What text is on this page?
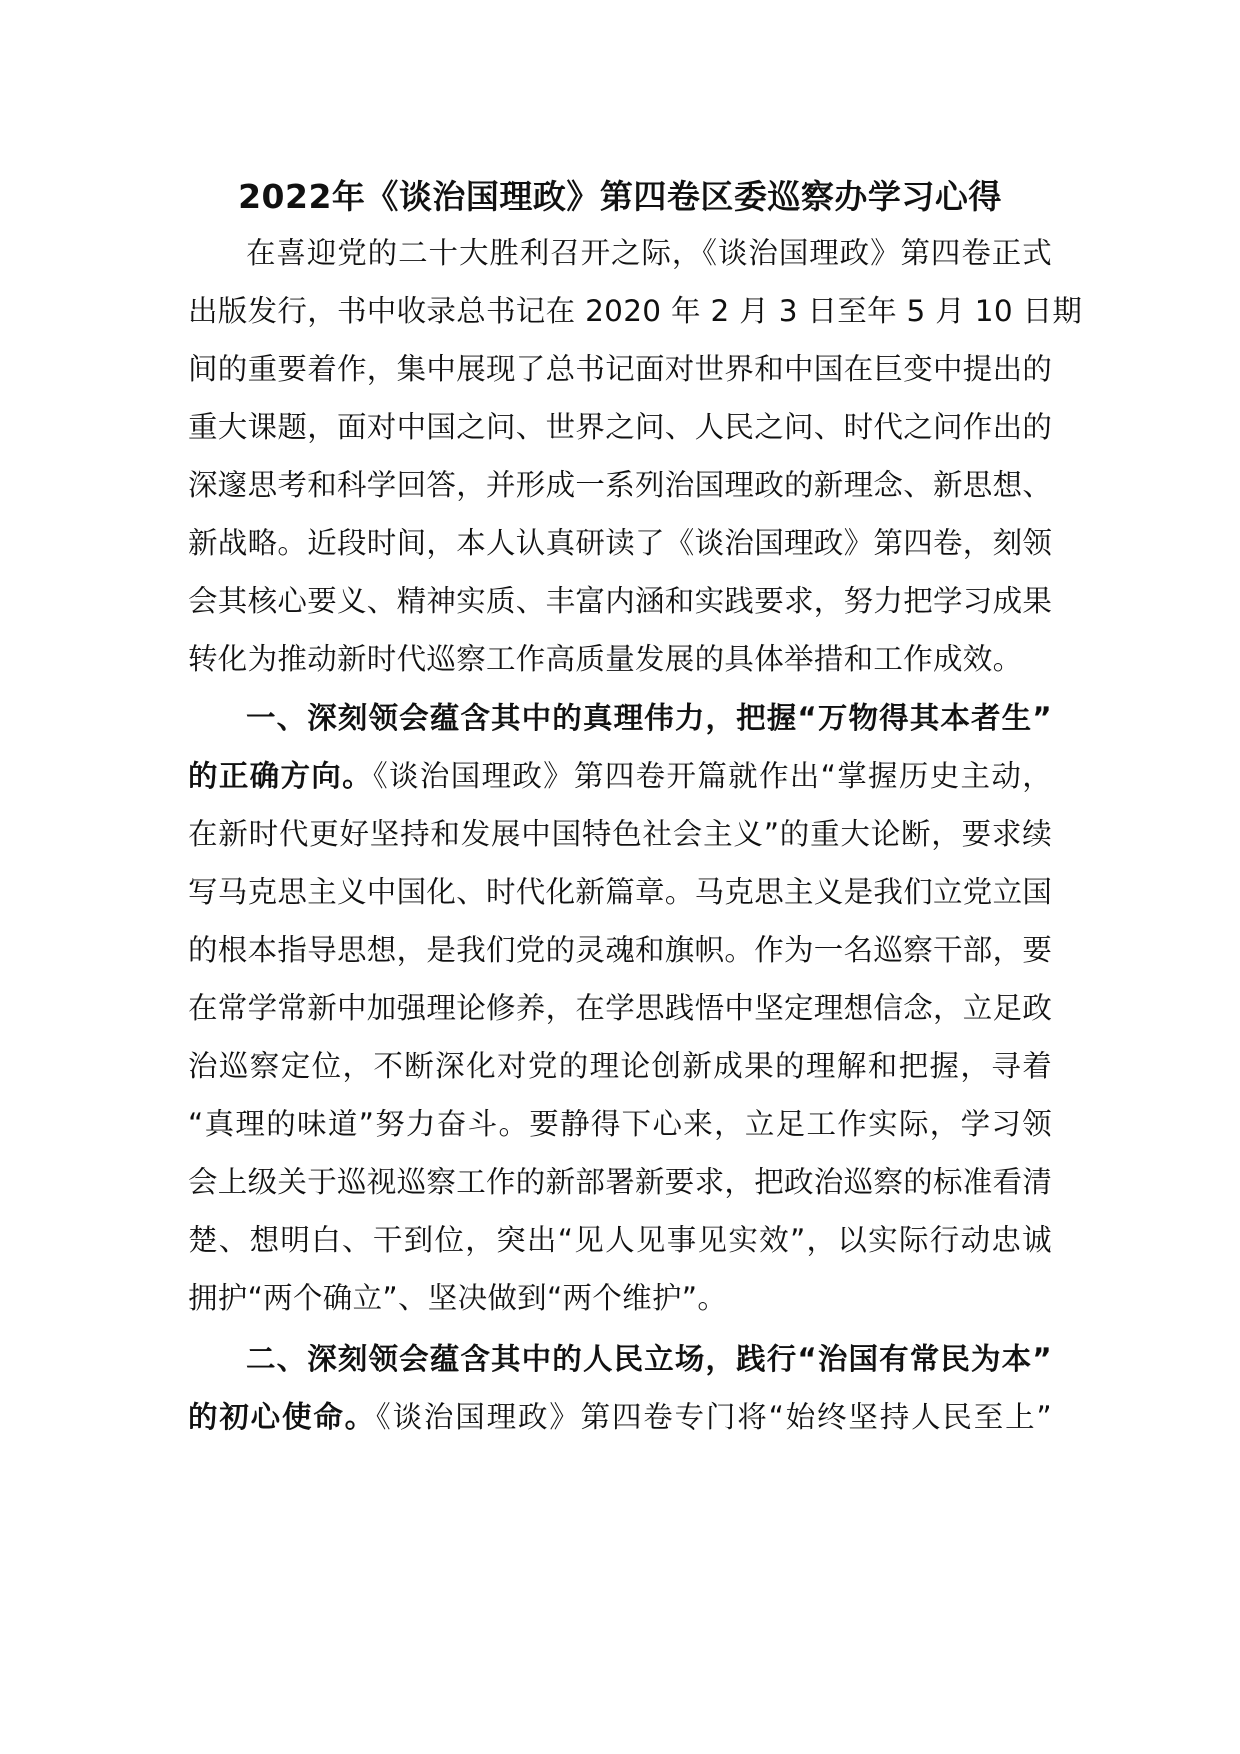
2022年《谈治国理政》第四卷区委巡察办学习心得
在喜迎党的二十大胜利召开之际，《谈治国理政》第四卷正式
出版发行，书中收录总书记在 2020 年 2 月 3 日至年 5 月 10 日期
间的重要着作，集中展现了总书记面对世界和中国在巨变中提出的
重大课题，面对中国之问、世界之问、人民之问、时代之问作出的
深邃思考和科学回答，并形成一系列治国理政的新理念、新思想、
新战略。近段时间，本人认真研读了《谈治国理政》第四卷，刻领
会其核心要义、精神实质、丰富内涵和实践要求，努力把学习成果
转化为推动新时代巡察工作高质量发展的具体举措和工作成效。
一、深刻领会蕴含其中的真理伟力，把握“万物得其本者生”
的正确方向。《谈治国理政》第四卷开篇就作出“掌握历史主动，
在新时代更好坚持和发展中国特色社会主义”的重大论断，要求续
写马克思主义中国化、时代化新篇章。马克思主义是我们立党立国
的根本指导思想，是我们党的灵魂和旗帜。作为一名巡察干部，要
在常学常新中加强理论修养，在学思践悟中坚定理想信念，立足政
治巡察定位，不断深化对党的理论创新成果的理解和把握，寻着
“真理的味道”努力奋斗。要静得下心来，立足工作实际，学习领
会上级关于巡视巡察工作的新部署新要求，把政治巡察的标准看清
楚、想明白、干到位，突出“见人见事见实效”，以实际行动忠诚
拥护“两个确立”、坚决做到“两个维护”。
二、深刻领会蕴含其中的人民立场，践行“治国有常民为本”
的初心使命。《谈治国理政》第四卷专门将“始终坚持人民至上”
